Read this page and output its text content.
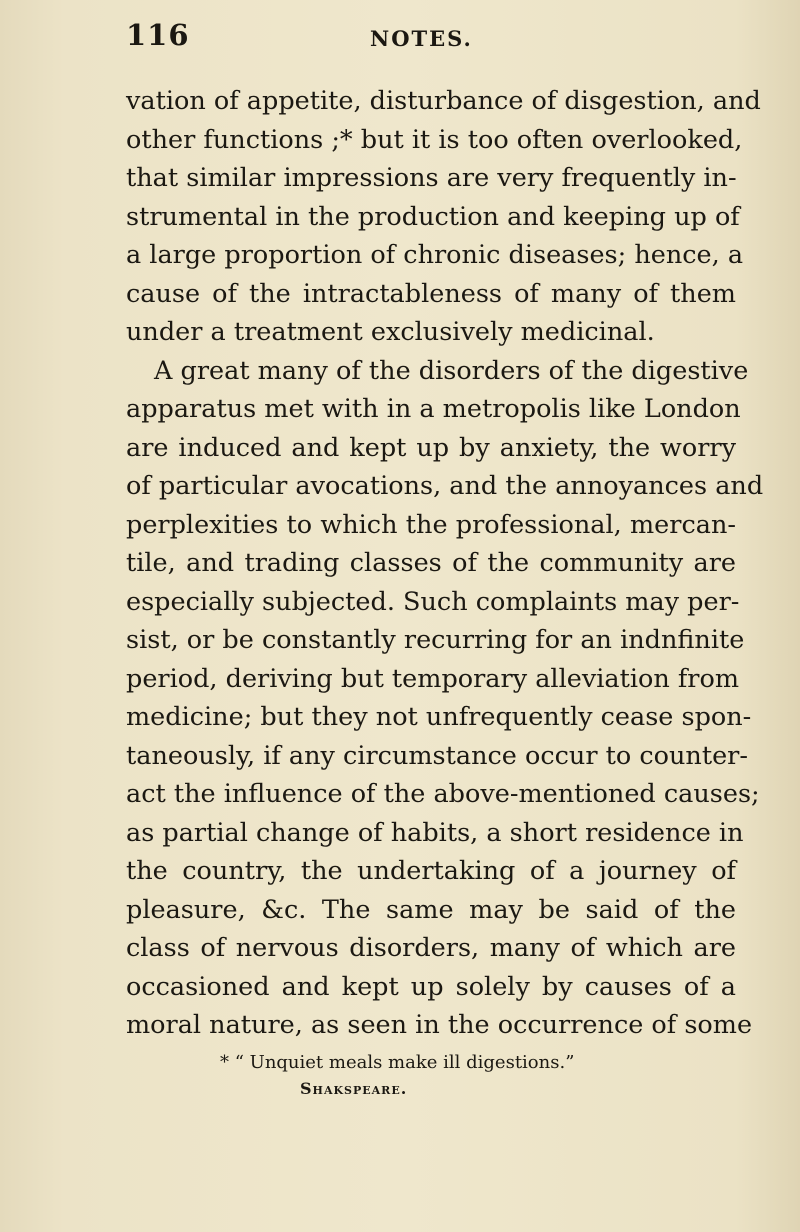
116	NOTES.
vation of appetite, disturbance of disgestion, and
other functions ;* but it is too often overlooked,
that similar impressions are very frequently in-
strumental in the production and keeping up of
a large proportion of chronic diseases; hence, a
cause of the intractableness of many of them
under a treatment exclusively medicinal.
A great many of the disorders of the digestive
apparatus met with in a metropolis like London
are induced and kept up by anxiety, the worry
of particular avocations, and the annoyances and
perplexities to which the professional, mercan-
tile, and trading classes of the community are
especially subjected. Such complaints may per-
sist, or be constantly recurring for an indnfinite
period, deriving but temporary alleviation from
medicine; but they not unfrequently cease spon-
taneously, if any circumstance occur to counter-
act the influence of the above-mentioned causes;
as partial change of habits, a short residence in
the country, the undertaking of a journey of
pleasure, &c. The same may be said of the
class of nervous disorders, many of which are
occasioned and kept up solely by causes of a
moral nature, as seen in the occurrence of some
* “ Unquiet meals make ill digestions.”
Shakspeare.
